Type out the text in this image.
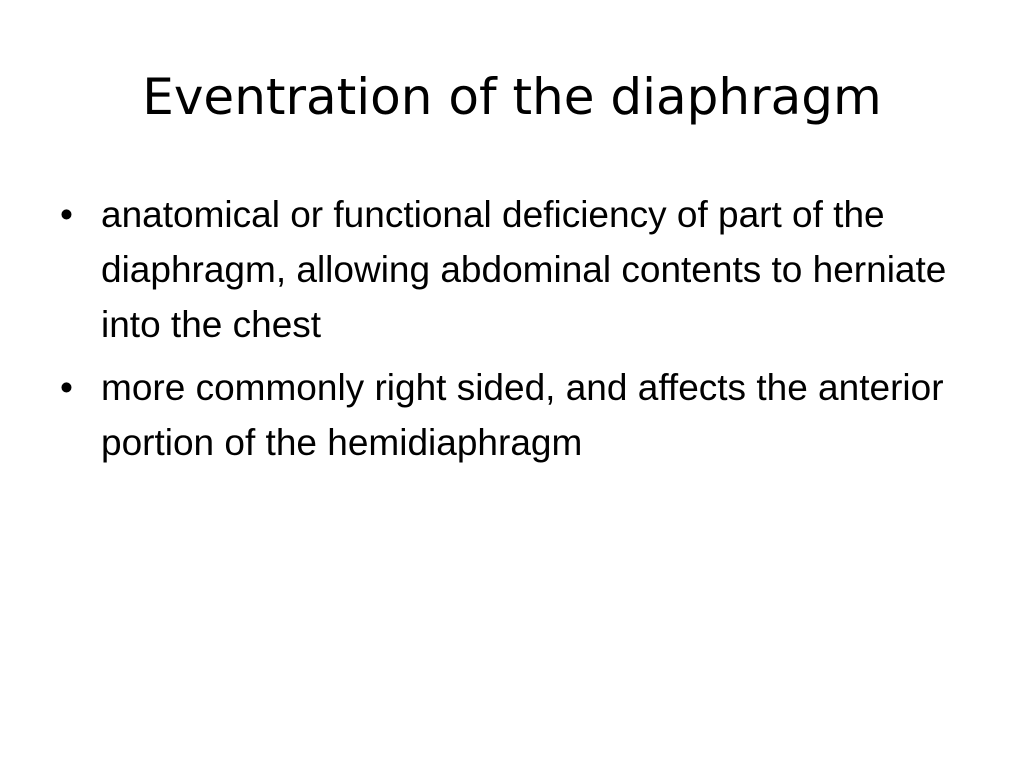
Eventration of the diaphragm
• anatomical or functional deficiency of part of the diaphragm, allowing abdominal contents to herniate into the chest
• more commonly right sided, and affects the anterior portion of the hemidiaphragm
